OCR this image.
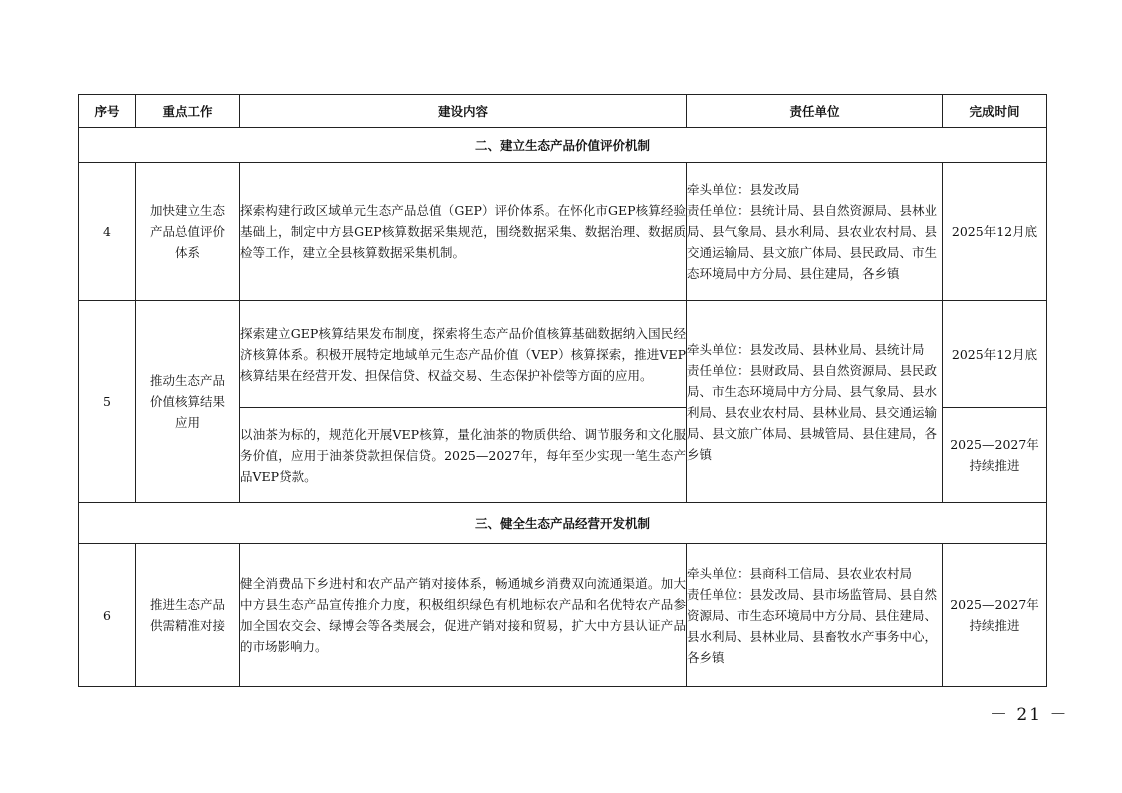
序号	重点工作	建设内容	责任单位	完成时间
二、建立生态产品价值评价机制				
4	加快建立生态
产品总值评价
体系	探索构建行政区域单元生态产品总值（GEP）评价体系。在怀化市GEP核算经验基础上，制定中方县GEP核算数据采集规范，围绕数据采集、数据治理、数据质检等工作，建立全县核算数据采集机制。	牵头单位：县发改局
责任单位：县统计局、县自然资源局、县林业局、县气象局、县水利局、县农业农村局、县交通运输局、县文旅广体局、县民政局、市生态环境局中方分局、县住建局，各乡镇	2025年12月底
5	推动生态产品
价值核算结果
应用	探索建立GEP核算结果发布制度，探索将生态产品价值核算基础数据纳入国民经济核算体系。积极开展特定地域单元生态产品价值（VEP）核算探索，推进VEP核算结果在经营开发、担保信贷、权益交易、生态保护补偿等方面的应用。	牵头单位：县发改局、县林业局、县统计局
责任单位：县财政局、县自然资源局、县民政局、市生态环境局中方分局、县气象局、县水利局、县农业农村局、县林业局、县交通运输局、县文旅广体局、县城管局、县住建局，各乡镇	2025年12月底
		以油茶为标的，规范化开展VEP核算，量化油茶的物质供给、调节服务和文化服务价值，应用于油茶贷款担保信贷。2025—2027年，每年至少实现一笔生态产品VEP贷款。		2025—2027年
持续推进

三、健全生态产品经营开发机制				
6	推进生态产品
供需精准对接	健全消费品下乡进村和农产品产销对接体系，畅通城乡消费双向流通渠道。加大中方县生态产品宣传推介力度，积极组织绿色有机地标农产品和名优特农产品参加全国农交会、绿博会等各类展会，促进产销对接和贸易，扩大中方县认证产品的市场影响力。	牵头单位：县商科工信局、县农业农村局
责任单位：县发改局、县市场监管局、县自然资源局、市生态环境局中方分局、县住建局、县水利局、县林业局、县畜牧水产事务中心，各乡镇	2025—2027年
持续推进
－ 21 －
